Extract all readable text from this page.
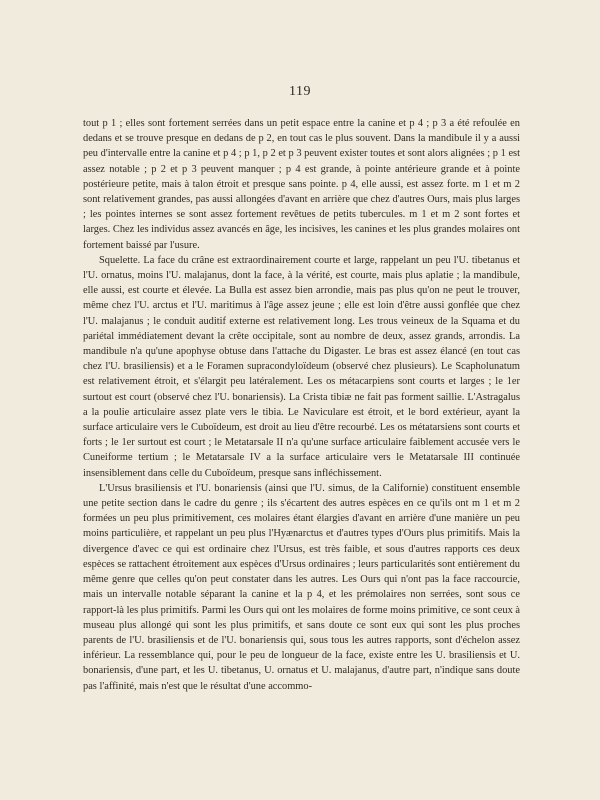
119

tout p 1 ; elles sont fortement serrées dans un petit espace entre la canine et p 4 ; p 3 a été refoulée en dedans et se trouve presque en dedans de p 2, en tout cas le plus souvent. Dans la mandibule il y a aussi peu d'intervalle entre la canine et p 4 ; p 1, p 2 et p 3 peuvent exister toutes et sont alors alignées ; p 1 est assez notable ; p 2 et p 3 peuvent manquer ; p 4 est grande, à pointe antérieure grande et à pointe postérieure petite, mais à talon étroit et presque sans pointe. p 4, elle aussi, est assez forte. m 1 et m 2 sont relativement grandes, pas aussi allongées d'avant en arrière que chez d'autres Ours, mais plus larges ; les pointes internes se sont assez fortement revêtues de petits tubercules. m 1 et m 2 sont fortes et larges. Chez les individus assez avancés en âge, les incisives, les canines et les plus grandes molaires ont fortement baissé par l'usure.

Squelette. La face du crâne est extraordinairement courte et large, rappelant un peu l'U. tibetanus et l'U. ornatus, moins l'U. malajanus, dont la face, à la vérité, est courte, mais plus aplatie ; la mandibule, elle aussi, est courte et élevée. La Bulla est assez bien arrondie, mais pas plus qu'on ne peut le trouver, même chez l'U. arctus et l'U. maritimus à l'âge assez jeune ; elle est loin d'être aussi gonflée que chez l'U. malajanus ; le conduit auditif externe est relativement long. Les trous veineux de la Squama et du pariétal immédiatement devant la crête occipitale, sont au nombre de deux, assez grands, arrondis. La mandibule n'a qu'une apophyse obtuse dans l'attache du Digaster. Le bras est assez élancé (en tout cas chez l'U. brasiliensis) et a le Foramen supracondyloïdeum (observé chez plusieurs). Le Scapholunatum est relativement étroit, et s'élargit peu latéralement. Les os métacarpiens sont courts et larges ; le 1er surtout est court (observé chez l'U. bonariensis). La Crista tibiæ ne fait pas forment saillie. L'Astragalus a la poulie articulaire assez plate vers le tibia. Le Naviculare est étroit, et le bord extérieur, ayant la surface articulaire vers le Cuboïdeum, est droit au lieu d'être recourbé. Les os métatarsiens sont courts et forts ; le 1er surtout est court ; le Metatarsale II n'a qu'une surface articulaire faiblement accusée vers le Cuneiforme tertium ; le Metatarsale IV a la surface articulaire vers le Metatarsale III continuée insensiblement dans celle du Cuboïdeum, presque sans infléchissement.

L'Ursus brasiliensis et l'U. bonariensis (ainsi que l'U. simus, de la Californie) constituent ensemble une petite section dans le cadre du genre ; ils s'écartent des autres espèces en ce qu'ils ont m 1 et m 2 formées un peu plus primitivement, ces molaires étant élargies d'avant en arrière d'une manière un peu moins particulière, et rappelant un peu plus l'Hyænarctus et d'autres types d'Ours plus primitifs. Mais la divergence d'avec ce qui est ordinaire chez l'Ursus, est très faible, et sous d'autres rapports ces deux espèces se rattachent étroitement aux espèces d'Ursus ordinaires ; leurs particularités sont entièrement du même genre que celles qu'on peut constater dans les autres. Les Ours qui n'ont pas la face raccourcie, mais un intervalle notable séparant la canine et la p 4, et les prémolaires non serrées, sont sous ce rapport-là les plus primitifs. Parmi les Ours qui ont les molaires de forme moins primitive, ce sont ceux à museau plus allongé qui sont les plus primitifs, et sans doute ce sont eux qui sont les plus proches parents de l'U. brasiliensis et de l'U. bonariensis qui, sous tous les autres rapports, sont d'échelon assez inférieur. La ressemblance qui, pour le peu de longueur de la face, existe entre les U. brasiliensis et U. bonariensis, d'une part, et les U. tibetanus, U. ornatus et U. malajanus, d'autre part, n'indique sans doute pas l'affinité, mais n'est que le résultat d'une accommo-
